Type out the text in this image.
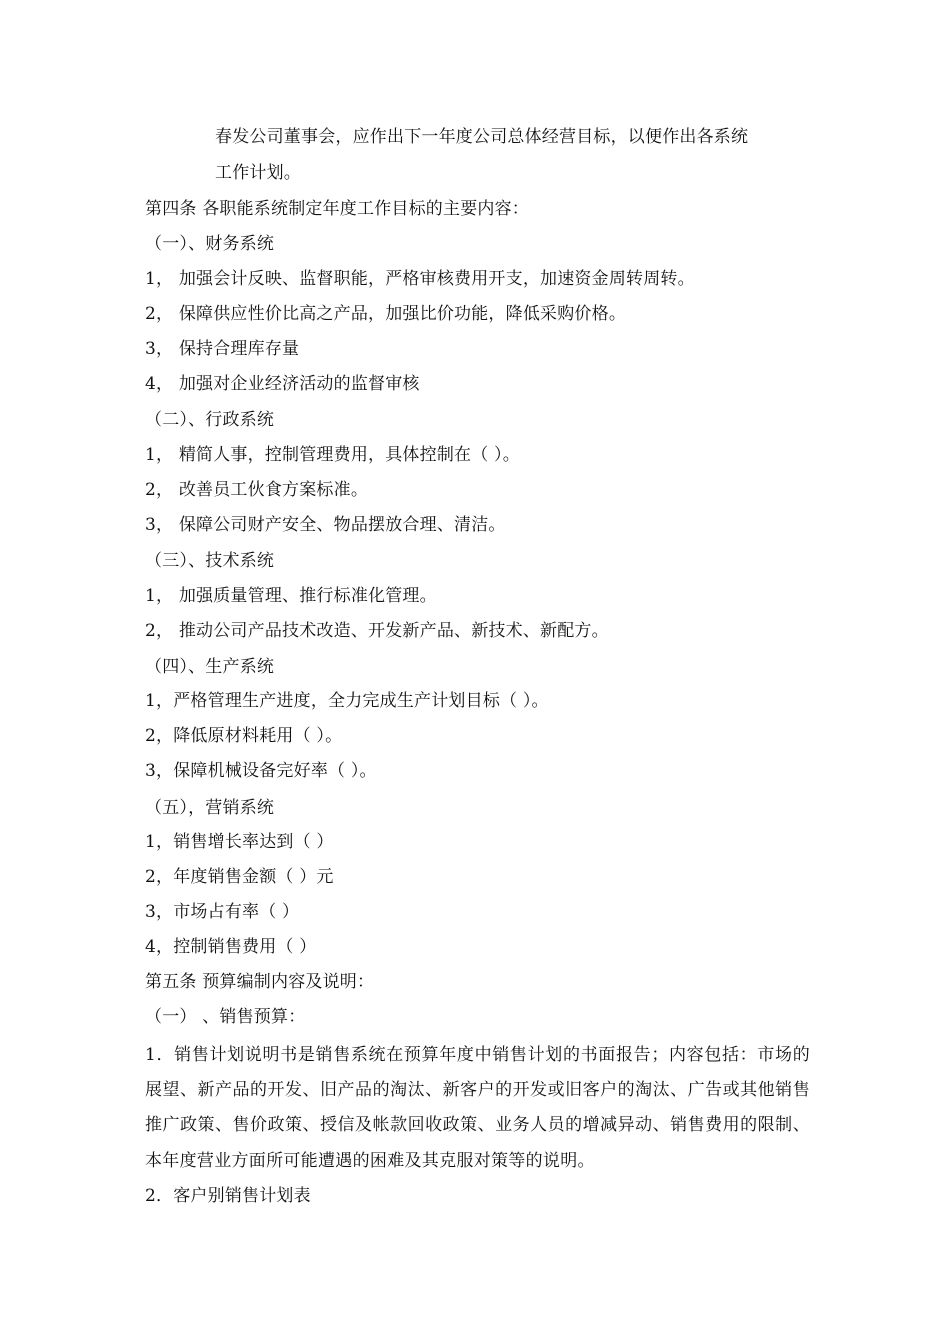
春发公司董事会，应作出下一年度公司总体经营目标，以便作出各系统
工作计划。
第四条 各职能系统制定年度工作目标的主要内容：
（一）、财务系统
1， 加强会计反映、监督职能，严格审核费用开支，加速资金周转周转。
2， 保障供应性价比高之产品，加强比价功能，降低采购价格。
3， 保持合理库存量
4， 加强对企业经济活动的监督审核
（二）、行政系统
1， 精简人事，控制管理费用，具体控制在（ ）。
2， 改善员工伙食方案标准。
3， 保障公司财产安全、物品摆放合理、清洁。
（三）、技术系统
1， 加强质量管理、推行标准化管理。
2， 推动公司产品技术改造、开发新产品、新技术、新配方。
（四）、生产系统
1，严格管理生产进度，全力完成生产计划目标（ ）。
2，降低原材料耗用（ ）。
3，保障机械设备完好率（ ）。
（五），营销系统
1，销售增长率达到（ ）
2，年度销售金额（ ）元
3，市场占有率（ ）
4，控制销售费用（ ）
第五条 预算编制内容及说明：
（一） 、销售预算：
1．销售计划说明书是销售系统在预算年度中销售计划的书面报告；内容包括：市场的展望、新产品的开发、旧产品的淘汰、新客户的开发或旧客户的淘汰、广告或其他销售推广政策、售价政策、授信及帐款回收政策、业务人员的增减异动、销售费用的限制、本年度营业方面所可能遭遇的困难及其克服对策等的说明。
2．客户别销售计划表
